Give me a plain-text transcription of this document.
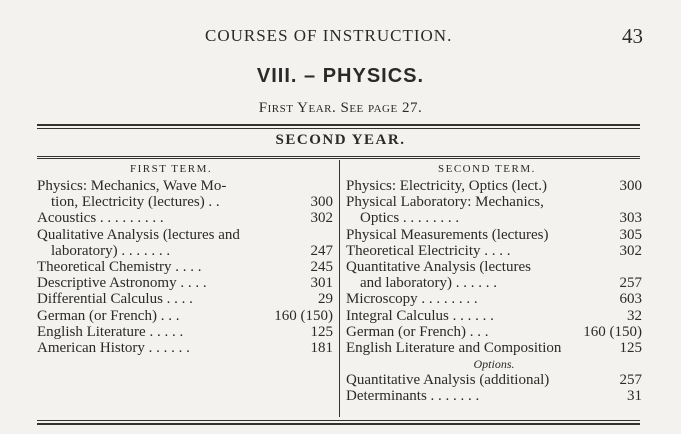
COURSES OF INSTRUCTION.	43
VIII. – PHYSICS.
First Year. See page 27.
SECOND YEAR.
FIRST TERM.	SECOND TERM.
Physics: Mechanics, Wave Mo-
tion, Electricity (lectures) . .	300
Acoustics . . . . . . . . .	302
Qualitative Analysis (lectures and
laboratory) . . . . . . .	247
Theoretical Chemistry . . . .	245
Descriptive Astronomy . . . .	301
Differential Calculus . . . .	29
German (or French) . . .	160 (150)
English Literature . . . . .	125
American History . . . . . .	181
Physics: Electricity, Optics (lect.)	300
Physical Laboratory: Mechanics,
Optics . . . . . . . .	303
Physical Measurements (lectures)	305
Theoretical Electricity . . . .	302
Quantitative Analysis (lectures
and laboratory) . . . . . .	257
Microscopy . . . . . . . .	603
Integral Calculus . . . . . .	32
German (or French) . . .	160 (150)
English Literature and Composition	125
Options.
Quantitative Analysis (additional)	257
Determinants . . . . . . .	31
